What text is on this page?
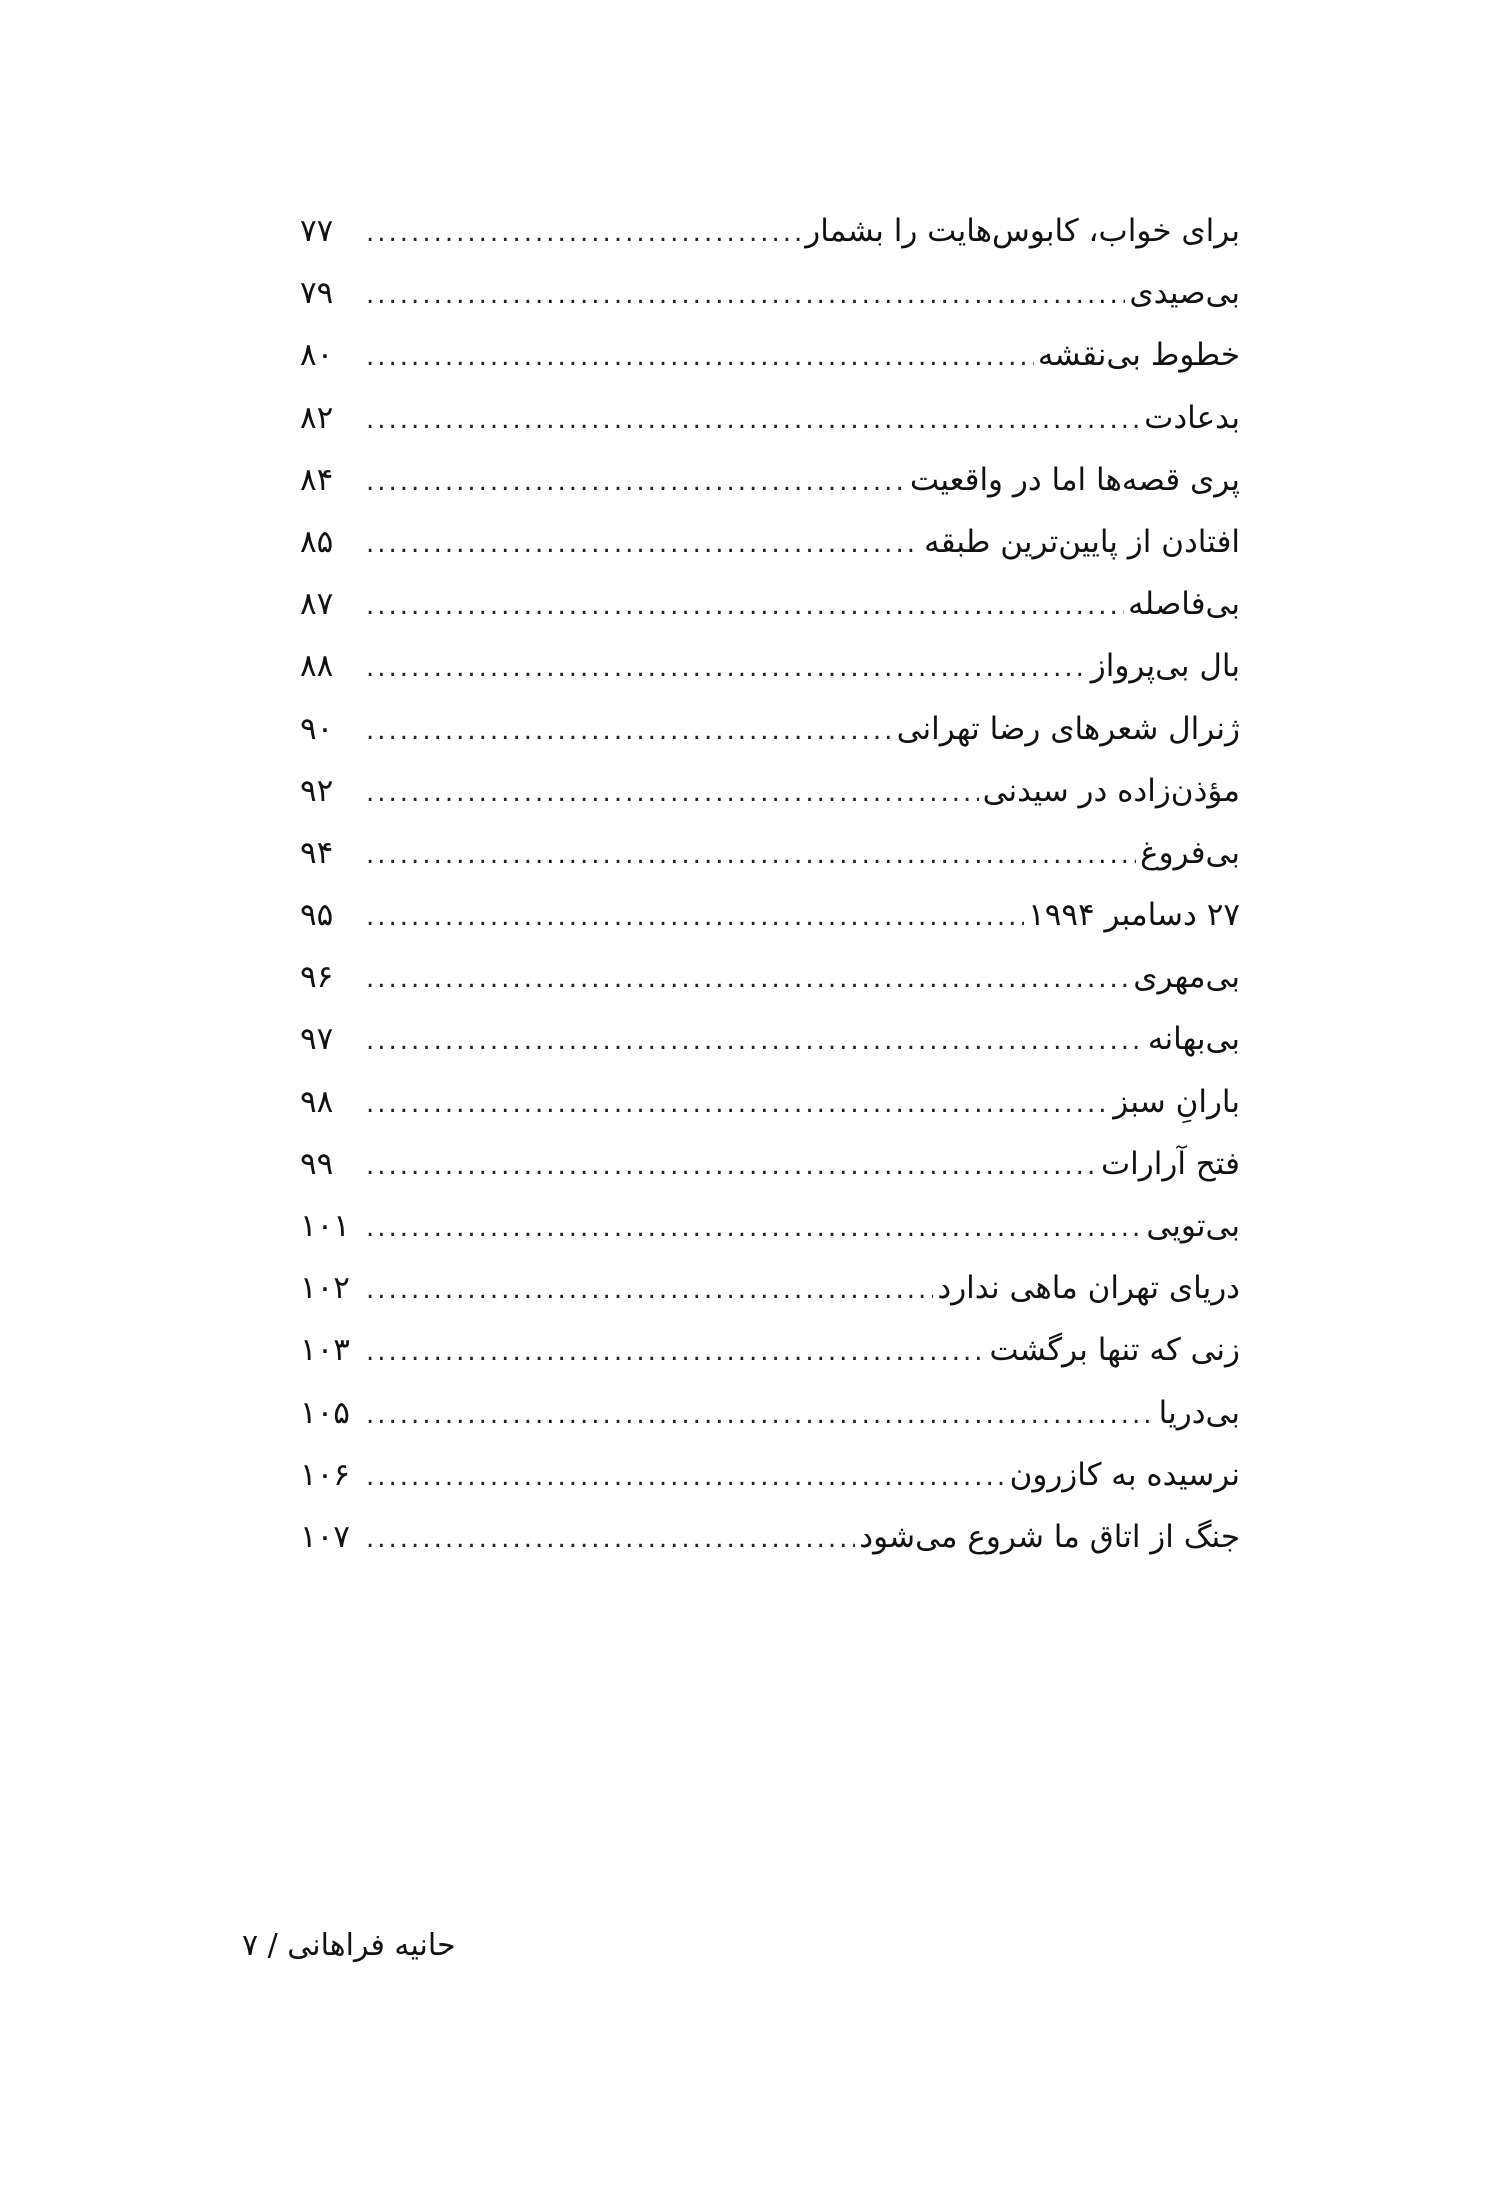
برای خواب، کابوس‌هایت را بشمار
.....
۷۷
بی‌صیدی
.....
۷۹
خطوط بی‌نقشه
.....
۸۰
بدعادت
.....
۸۲
پری قصه‌ها اما در واقعیت
.....
۸۴
افتادن از پایین‌ترین طبقه
.....
۸۵
بی‌فاصله
.....
۸۷
بال بی‌پرواز
.....
۸۸
ژنرال شعرهای رضا تهرانی
.....
۹۰
مؤذن‌زاده در سیدنی
.....
۹۲
بی‌فروغ
.....
۹۴
۲۷ دسامبر ۱۹۹۴
.....
۹۵
بی‌مهری
.....
۹۶
بی‌بهانه
.....
۹۷
بارانِ سبز
.....
۹۸
فتح آرارات
.....
۹۹
بی‌تویی
.....
۱۰۱
دریای تهران ماهی ندارد
.....
۱۰۲
زنی که تنها برگشت
.....
۱۰۳
بی‌دریا
.....
۱۰۵
نرسیده به کازرون
.....
۱۰۶
جنگ از اتاق ما شروع می‌شود
.....
۱۰۷
حانیه فراهانی / ۷
